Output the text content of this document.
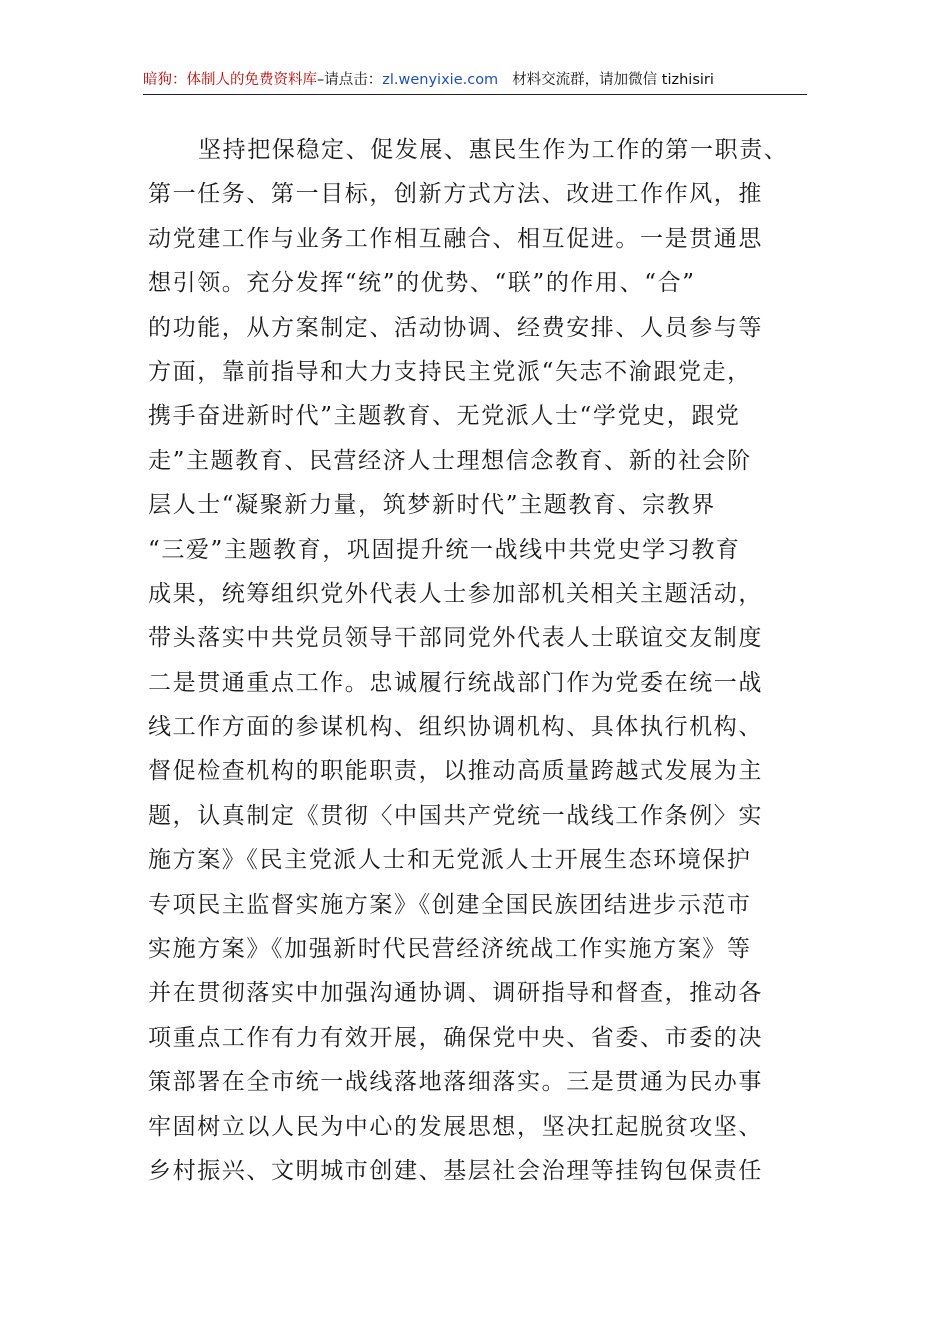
暗狗：体制人的免费资料库–请点击：zl.wenyixie.com 材料交流群，请加微信 tizhisiri
坚持把保稳定、促发展、惠民生作为工作的第一职责、
第一任务、第一目标，创新方式方法、改进工作作风，推
动党建工作与业务工作相互融合、相互促进。一是贯通思
想引领。充分发挥“统”的优势、“联”的作用、“合”
的功能，从方案制定、活动协调、经费安排、人员参与等
方面，靠前指导和大力支持民主党派“矢志不渝跟党走，
携手奋进新时代”主题教育、无党派人士“学党史，跟党
走”主题教育、民营经济人士理想信念教育、新的社会阶
层人士“凝聚新力量，筑梦新时代”主题教育、宗教界
“三爱”主题教育，巩固提升统一战线中共党史学习教育
成果，统筹组织党外代表人士参加部机关相关主题活动，
带头落实中共党员领导干部同党外代表人士联谊交友制度
二是贯通重点工作。忠诚履行统战部门作为党委在统一战
线工作方面的参谋机构、组织协调机构、具体执行机构、
督促检查机构的职能职责，以推动高质量跨越式发展为主
题，认真制定《贯彻〈中国共产党统一战线工作条例〉实
施方案》《民主党派人士和无党派人士开展生态环境保护
专项民主监督实施方案》《创建全国民族团结进步示范市
实施方案》《加强新时代民营经济统战工作实施方案》等
并在贯彻落实中加强沟通协调、调研指导和督查，推动各
项重点工作有力有效开展，确保党中央、省委、市委的决
策部署在全市统一战线落地落细落实。三是贯通为民办事
牢固树立以人民为中心的发展思想，坚决扛起脱贫攻坚、
乡村振兴、文明城市创建、基层社会治理等挂钩包保责任
